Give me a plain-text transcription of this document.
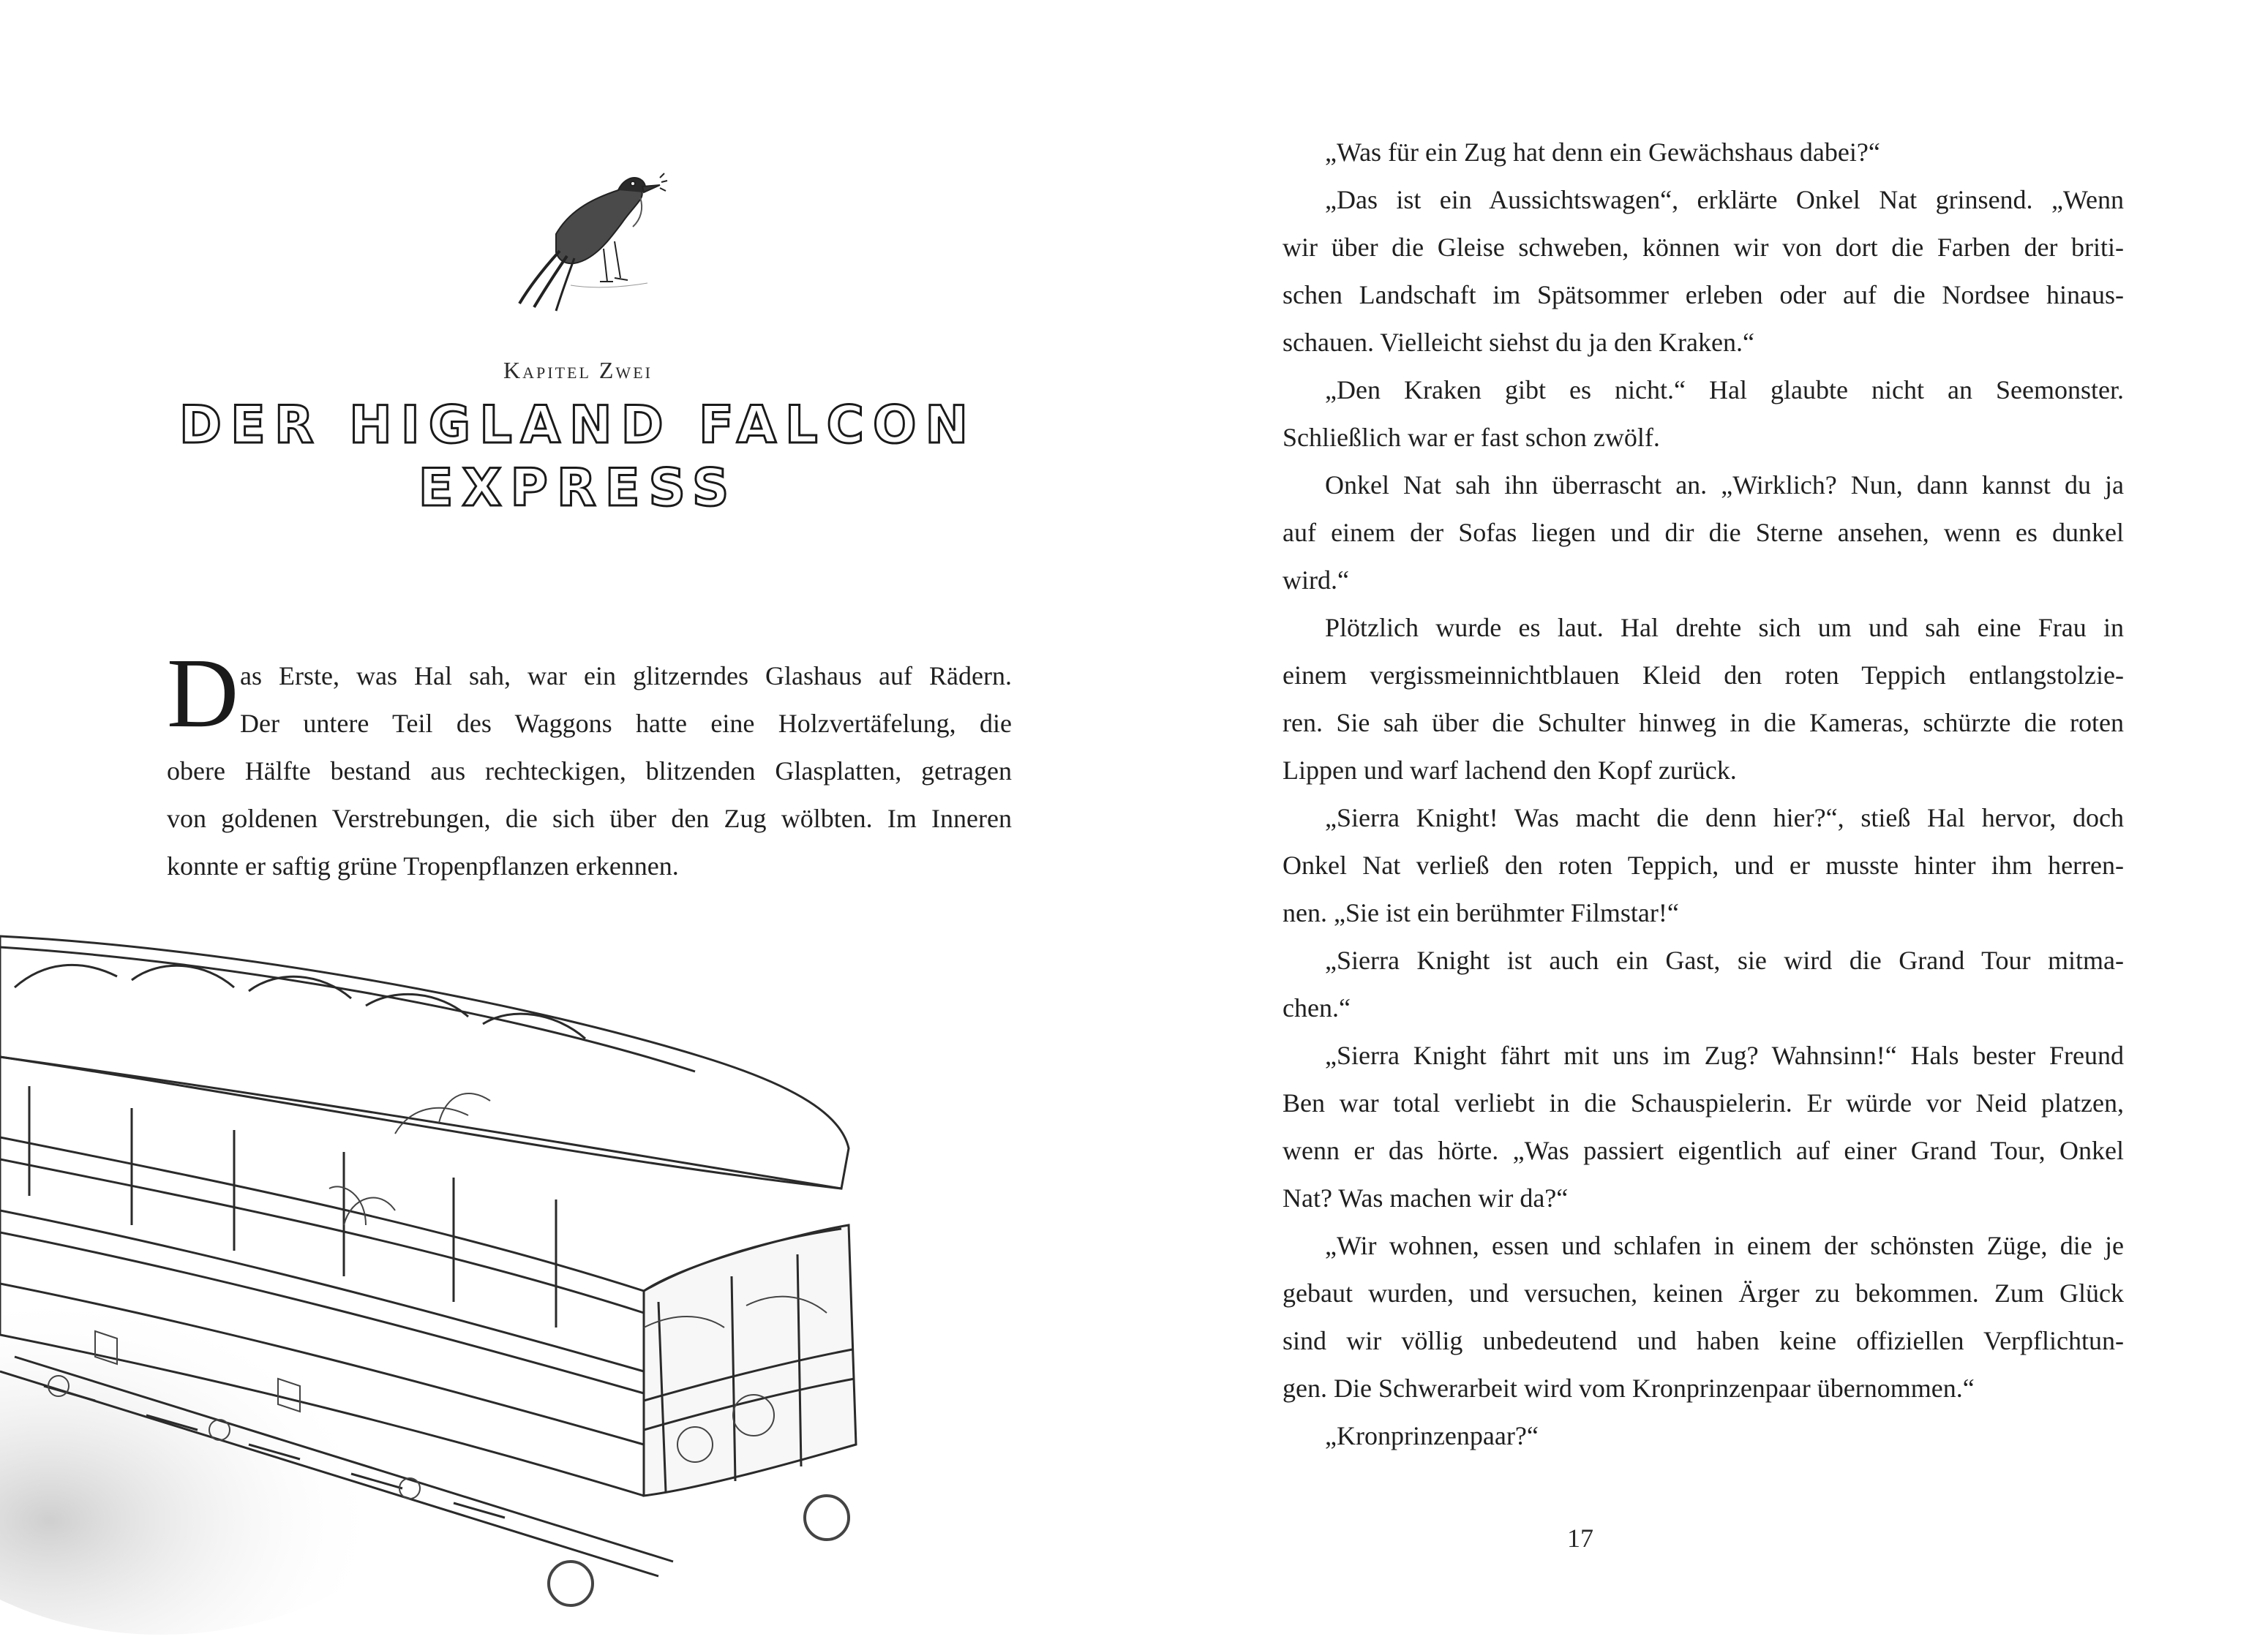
Kapitel Zwei
DER HIGLAND FALCON
EXPRESS
D as Erste, was Hal sah, war ein glitzerndes Glashaus auf Rädern.
Der untere Teil des Waggons hatte eine Holzvertäfelung, die
obere Hälfte bestand aus rechteckigen, blitzenden Glasplatten, getragen
von goldenen Verstrebungen, die sich über den Zug wölbten. Im Inneren
konnte er saftig grüne Tropenpflanzen erkennen.
„Was für ein Zug hat denn ein Gewächshaus dabei?“
„Das ist ein Aussichtswagen“, erklärte Onkel Nat grinsend. „Wenn
wir über die Gleise schweben, können wir von dort die Farben der briti-
schen Landschaft im Spätsommer erleben oder auf die Nordsee hinaus-
schauen. Vielleicht siehst du ja den Kraken.“
„Den Kraken gibt es nicht.“ Hal glaubte nicht an Seemonster.
Schließlich war er fast schon zwölf.
Onkel Nat sah ihn überrascht an. „Wirklich? Nun, dann kannst du ja
auf einem der Sofas liegen und dir die Sterne ansehen, wenn es dunkel
wird.“
Plötzlich wurde es laut. Hal drehte sich um und sah eine Frau in
einem vergissmeinnichtblauen Kleid den roten Teppich entlangstolzie-
ren. Sie sah über die Schulter hinweg in die Kameras, schürzte die roten
Lippen und warf lachend den Kopf zurück.
„Sierra Knight! Was macht die denn hier?“, stieß Hal hervor, doch
Onkel Nat verließ den roten Teppich, und er musste hinter ihm herren-
nen. „Sie ist ein berühmter Filmstar!“
„Sierra Knight ist auch ein Gast, sie wird die Grand Tour mitma-
chen.“
„Sierra Knight fährt mit uns im Zug? Wahnsinn!“ Hals bester Freund
Ben war total verliebt in die Schauspielerin. Er würde vor Neid platzen,
wenn er das hörte. „Was passiert eigentlich auf einer Grand Tour, Onkel
Nat? Was machen wir da?“
„Wir wohnen, essen und schlafen in einem der schönsten Züge, die je
gebaut wurden, und versuchen, keinen Ärger zu bekommen. Zum Glück
sind wir völlig unbedeutend und haben keine offiziellen Verpflichtun-
gen. Die Schwerarbeit wird vom Kronprinzenpaar übernommen.“
„Kronprinzenpaar?“
17
